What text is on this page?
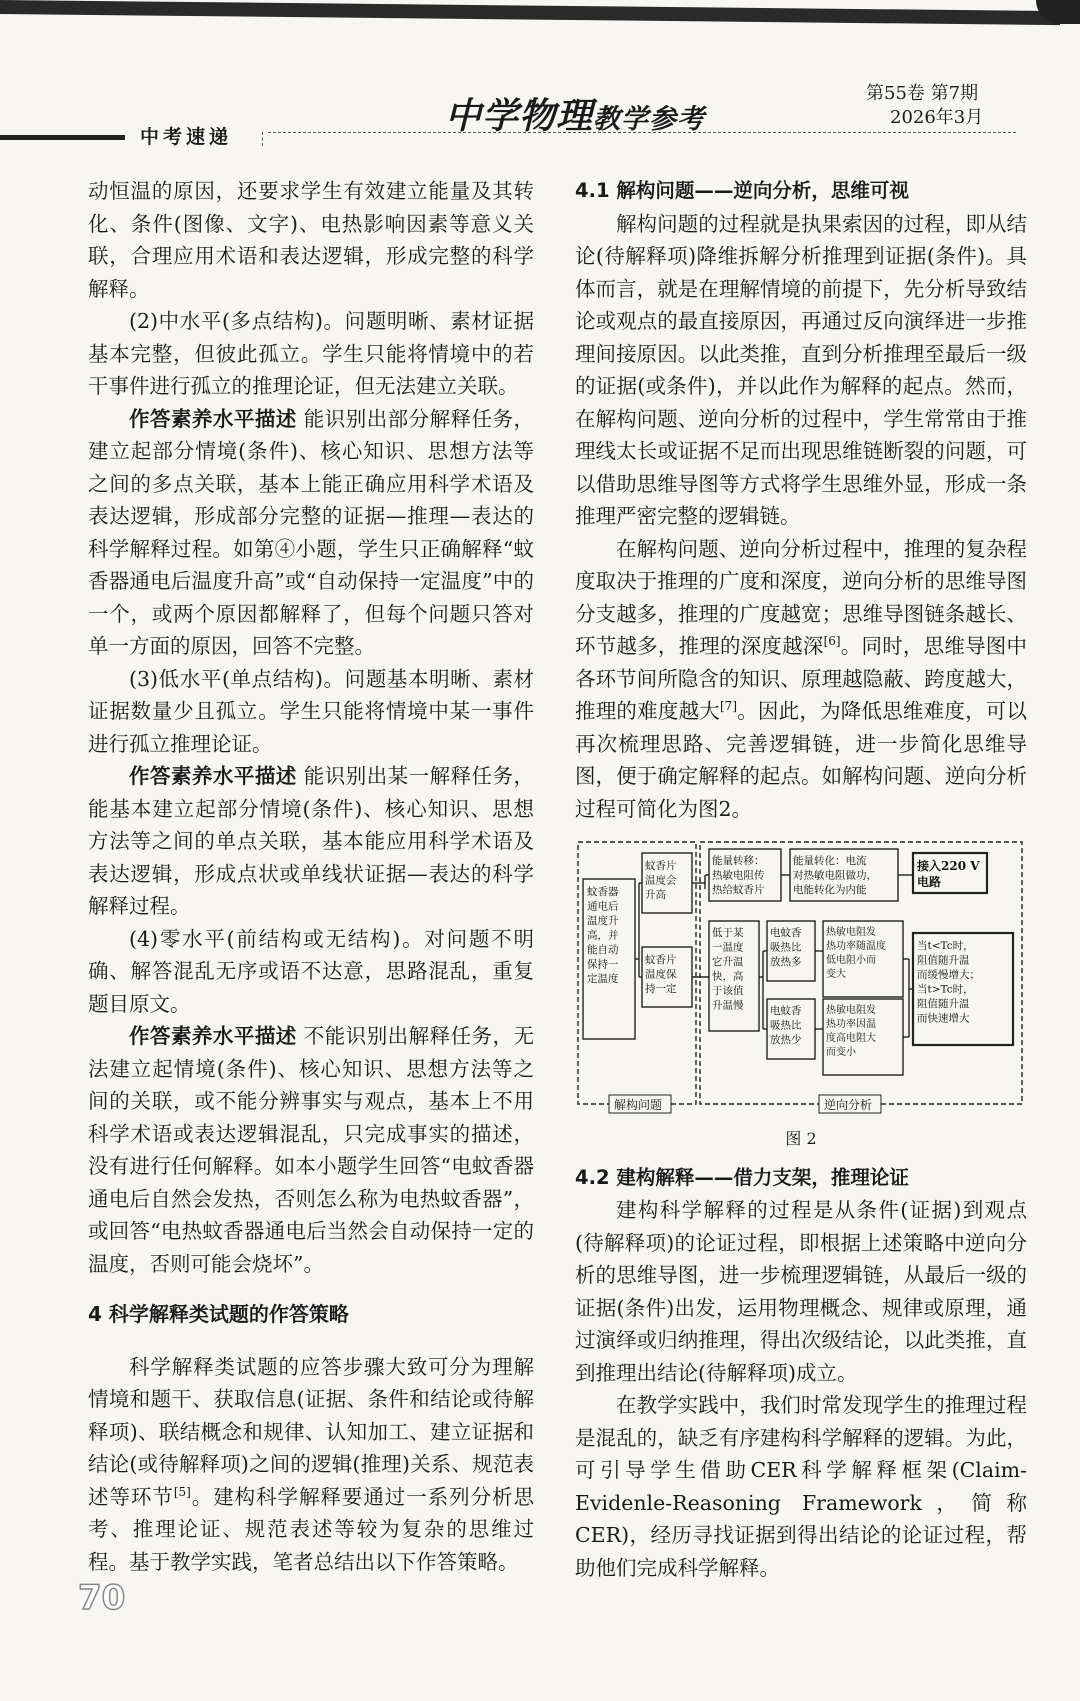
中学物理教学参考
第55卷 第7期
2026年3月
中考速递

动恒温的原因，还要求学生有效建立能量及其转化、条件(图像、文字)、电热影响因素等意义关联，合理应用术语和表达逻辑，形成完整的科学解释。

(2)中水平(多点结构)。问题明晰、素材证据基本完整，但彼此孤立。学生只能将情境中的若干事件进行孤立的推理论证，但无法建立关联。

作答素养水平描述 能识别出部分解释任务，建立起部分情境(条件)、核心知识、思想方法等之间的多点关联，基本上能正确应用科学术语及表达逻辑，形成部分完整的证据—推理—表达的科学解释过程。如第④小题，学生只正确解释“蚊香器通电后温度升高”或“自动保持一定温度”中的一个，或两个原因都解释了，但每个问题只答对单一方面的原因，回答不完整。

(3)低水平(单点结构)。问题基本明晰、素材证据数量少且孤立。学生只能将情境中某一事件进行孤立推理论证。

作答素养水平描述 能识别出某一解释任务，能基本建立起部分情境(条件)、核心知识、思想方法等之间的单点关联，基本能应用科学术语及表达逻辑，形成点状或单线状证据—表达的科学解释过程。

(4)零水平(前结构或无结构)。对问题不明确、解答混乱无序或语不达意，思路混乱，重复题目原文。

作答素养水平描述 不能识别出解释任务，无法建立起情境(条件)、核心知识、思想方法等之间的关联，或不能分辨事实与观点，基本上不用科学术语或表达逻辑混乱，只完成事实的描述，没有进行任何解释。如本小题学生回答“电蚊香器通电后自然会发热，否则怎么称为电热蚊香器”，或回答“电热蚊香器通电后当然会自动保持一定的温度，否则可能会烧坏”。

4 科学解释类试题的作答策略

科学解释类试题的应答步骤大致可分为理解情境和题干、获取信息(证据、条件和结论或待解释项)、联结概念和规律、认知加工、建立证据和结论(或待解释项)之间的逻辑(推理)关系、规范表述等环节[5]。建构科学解释要通过一系列分析思考、推理论证、规范表述等较为复杂的思维过程。基于教学实践，笔者总结出以下作答策略。

4.1 解构问题——逆向分析，思维可视

解构问题的过程就是执果索因的过程，即从结论(待解释项)降维拆解分析推理到证据(条件)。具体而言，就是在理解情境的前提下，先分析导致结论或观点的最直接原因，再通过反向演绎进一步推理间接原因。以此类推，直到分析推理至最后一级的证据(或条件)，并以此作为解释的起点。然而，在解构问题、逆向分析的过程中，学生常常由于推理线太长或证据不足而出现思维链断裂的问题，可以借助思维导图等方式将学生思维外显，形成一条推理严密完整的逻辑链。

在解构问题、逆向分析过程中，推理的复杂程度取决于推理的广度和深度，逆向分析的思维导图分支越多，推理的广度越宽；思维导图链条越长、环节越多，推理的深度越深[6]。同时，思维导图中各环节间所隐含的知识、原理越隐蔽、跨度越大，推理的难度越大[7]。因此，为降低思维难度，可以再次梳理思路、完善逻辑链，进一步简化思维导图，便于确定解释的起点。如解构问题、逆向分析过程可简化为图2。

蚊香器通电后温度升高，并能自动保持一定温度
蚊香片温度会升高
蚊香片温度保持一定
能量转移：热敏电阻传热给蚊香片
能量转化：电流对热敏电阻做功，电能转化为内能
接入220 V 电路
低于某一温度它升温快，高于该值升温慢
电蚊香吸热比放热多
电蚊香吸热比放热少
热敏电阻发热功率随温度低电阻小而变大
热敏电阻发热功率因温度高电阻大而变小
当t<Tc时，阻值随升温而缓慢增大；当t>Tc时，阻值随升温而快速增大
解构问题	逆向分析
图 2
4.2 建构解释——借力支架，推理论证

建构科学解释的过程是从条件(证据)到观点(待解释项)的论证过程，即根据上述策略中逆向分析的思维导图，进一步梳理逻辑链，从最后一级的证据(条件)出发，运用物理概念、规律或原理，通过演绎或归纳推理，得出次级结论，以此类推，直到推理出结论(待解释项)成立。

在教学实践中，我们时常发现学生的推理过程是混乱的，缺乏有序建构科学解释的逻辑。为此，可引导学生借助CER科学解释框架(Claim-Evidenle-Reasoning Framework，简称CER)，经历寻找证据到得出结论的论证过程，帮助他们完成科学解释。

70
